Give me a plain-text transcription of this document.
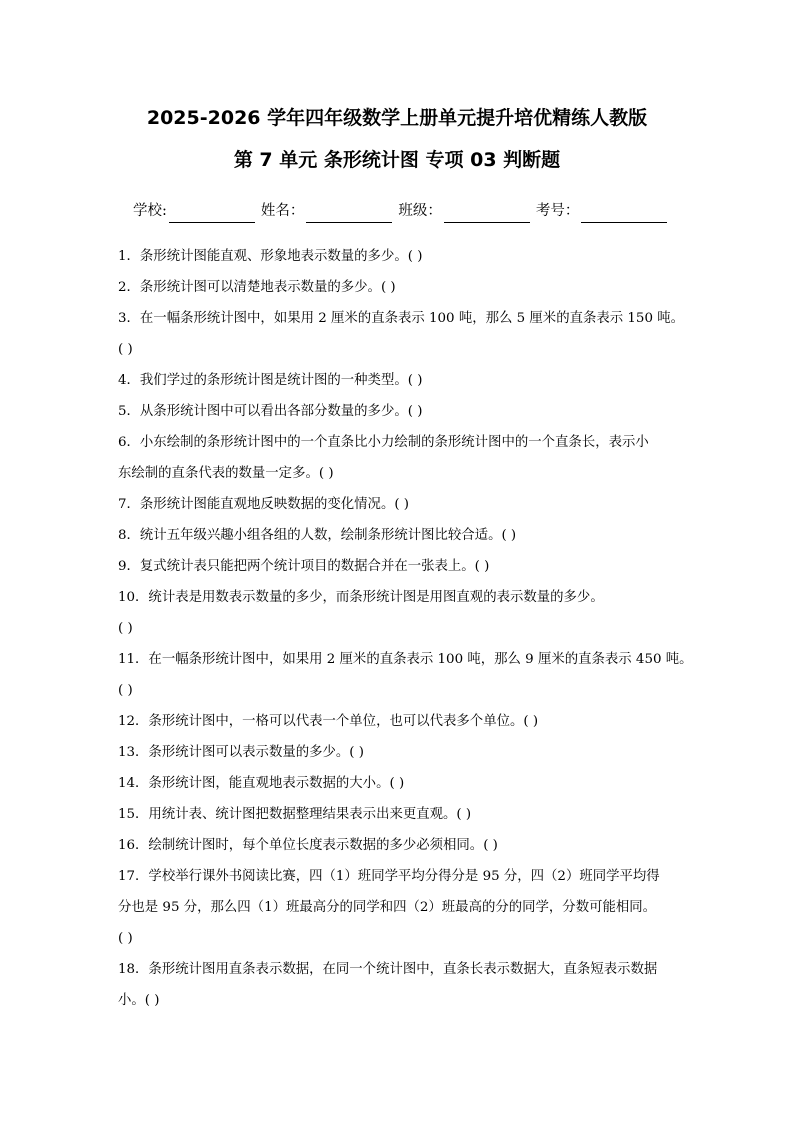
2025-2026 学年四年级数学上册单元提升培优精练人教版
第 7 单元 条形统计图 专项 03 判断题
学校:	姓名：	班级：	考号：
1．条形统计图能直观、形象地表示数量的多少。( )
2．条形统计图可以清楚地表示数量的多少。( )
3．在一幅条形统计图中，如果用 2 厘米的直条表示 100 吨，那么 5 厘米的直条表示 150 吨。
( )
4．我们学过的条形统计图是统计图的一种类型。( )
5．从条形统计图中可以看出各部分数量的多少。( )
6．小东绘制的条形统计图中的一个直条比小力绘制的条形统计图中的一个直条长，表示小
东绘制的直条代表的数量一定多。( )
7．条形统计图能直观地反映数据的变化情况。( )
8．统计五年级兴趣小组各组的人数，绘制条形统计图比较合适。( )
9．复式统计表只能把两个统计项目的数据合并在一张表上。( )
10．统计表是用数表示数量的多少，而条形统计图是用图直观的表示数量的多少。
( )
11．在一幅条形统计图中，如果用 2 厘米的直条表示 100 吨，那么 9 厘米的直条表示 450 吨。
( )
12．条形统计图中，一格可以代表一个单位，也可以代表多个单位。( )
13．条形统计图可以表示数量的多少。( )
14．条形统计图，能直观地表示数据的大小。( )
15．用统计表、统计图把数据整理结果表示出来更直观。( )
16．绘制统计图时，每个单位长度表示数据的多少必须相同。( )
17．学校举行课外书阅读比赛，四（1）班同学平均分得分是 95 分，四（2）班同学平均得
分也是 95 分，那么四（1）班最高分的同学和四（2）班最高的分的同学，分数可能相同。
( )
18．条形统计图用直条表示数据，在同一个统计图中，直条长表示数据大，直条短表示数据
小。( )
